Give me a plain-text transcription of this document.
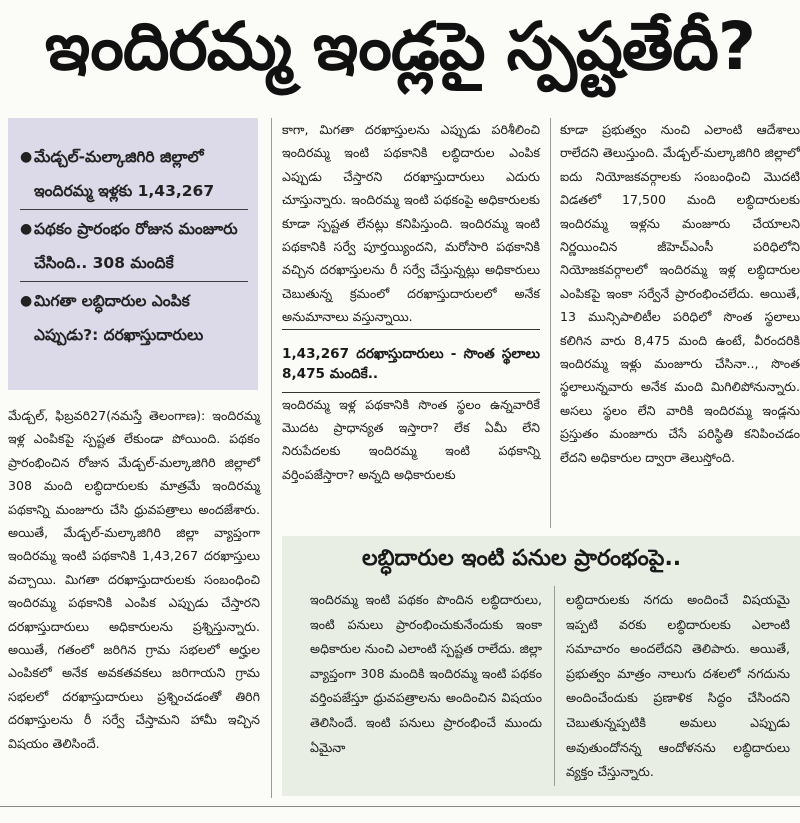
ఇందిరమ్మ ఇండ్లపై స్పష్టతేదీ?
● మేడ్చల్‌-మల్కాజిగిరి జిల్లాలో ఇందిరమ్మ ఇళ్లకు 1,43,267
● పథకం ప్రారంభం రోజున మంజూరు చేసింది.. 308 మందికే
● మిగతా లబ్ధిదారుల ఎంపిక ఎప్పుడు?: దరఖాస్తుదారులు

మేడ్చల్‌, ఫిబ్రవరి27(నమస్తే తెలంగాణ): ఇందిరమ్మ ఇళ్ల ఎంపికపై స్పష్టత లేకుండా పోయింది. పథకం ప్రారంభించిన రోజున మేడ్చల్‌-మల్కాజిగిరి జిల్లాలో 308 మంది లబ్ధిదారులకు మాత్రమే ఇందిరమ్మ పథకాన్ని మంజూరు చేసి ధ్రువపత్రాలు అందజేశారు. అయితే, మేడ్చల్‌-మల్కాజిగిరి జిల్లా వ్యాప్తంగా ఇందిరమ్మ ఇంటి పథకానికి 1,43,267 దరఖాస్తులు వచ్చాయి. మిగతా దరఖాస్తుదారులకు సంబంధించి ఇందిరమ్మ పథకానికి ఎంపిక ఎప్పుడు చేస్తారని దరఖాస్తుదారులు అధికారులను ప్రశ్నిస్తున్నారు. అయితే, గతంలో జరిగిన గ్రామ సభలలో అర్హుల ఎంపికలో అనేక అవకతవకలు జరిగాయని గ్రామ సభలలో దరఖాస్తుదారులు ప్రశ్నించడంతో తిరిగి దరఖాస్తులను రీ సర్వే చేస్తామని హామీ ఇచ్చిన విషయం తెలిసిందే.

కాగా, మిగతా దరఖాస్తులను ఎప్పుడు పరిశీలించి ఇందిరమ్మ ఇంటి పథకానికి లబ్ధిదారుల ఎంపిక ఎప్పుడు చేస్తారని దరఖాస్తుదారులు ఎదురు చూస్తున్నారు. ఇందిరమ్మ ఇంటి పథకంపై అధికారులకు కూడా స్పష్టత లేనట్లు కనిపిస్తుంది. ఇందిరమ్మ ఇంటి పథకానికి సర్వే పూర్తయ్యిందని, మరోసారి పథకానికి వచ్చిన దరఖాస్తులను రీ సర్వే చేస్తున్నట్లు అధికారులు చెబుతున్న క్రమంలో దరఖాస్తుదారులలో అనేక అనుమానాలు వస్తున్నాయి.

1,43,267 దరఖాస్తుదారులు - సొంత స్థలాలు 8,475 మందికే..

ఇందిరమ్మ ఇళ్ల పథకానికి సొంత స్థలం ఉన్నవారికే మొదట ప్రాధాన్యత ఇస్తారా? లేక ఏమీ లేని నిరుపేదలకు ఇందిరమ్మ ఇంటి పథకాన్ని వర్తింపజేస్తారా? అన్నది అధికారులకు

కూడా ప్రభుత్వం నుంచి ఎలాంటి ఆదేశాలు రాలేదని తెలుస్తుంది. మేడ్చల్‌-మల్కాజిగిరి జిల్లాలో ఐదు నియోజకవర్గాలకు సంబంధించి మొదటి విడతలో 17,500 మంది లబ్ధిదారులకు ఇందిరమ్మ ఇళ్లను మంజూరు చేయాలని నిర్ణయించిన జీహెచ్‌ఎంసీ పరిధిలోని నియోజకవర్గాలలో ఇందిరమ్మ ఇళ్ల లబ్ధిదారుల ఎంపికపై ఇంకా సర్వేనే ప్రారంభించలేదు. అయితే, 13 మున్సిపాలిటీల పరిధిలో సొంత స్థలాలు కలిగిన వారు 8,475 మంది ఉంటే, వీరందరికి ఇందిరమ్మ ఇళ్లు మంజూరు చేసినా.., సొంత స్థలాలున్నవారు అనేక మంది మిగిలిపోనున్నారు. అసలు స్థలం లేని వారికి ఇందిరమ్మ ఇండ్లను ప్రస్తుతం మంజూరు చేసే పరిస్థితి కనిపించడం లేదని అధికారుల ద్వారా తెలుస్తోంది.

లబ్ధిదారుల ఇంటి పనుల ప్రారంభంపై..

ఇందిరమ్మ ఇంటి పథకం పొందిన లబ్ధిదారులు, ఇంటి పనులు ప్రారంభించుకునేందుకు ఇంకా అధికారుల నుంచి ఎలాంటి స్పష్టత రాలేదు. జిల్లా వ్యాప్తంగా 308 మందికి ఇందిరమ్మ ఇంటి పథకం వర్తింపజేస్తూ ధ్రువపత్రాలను అందించిన విషయం తెలిసిందే. ఇంటి పనులు ప్రారంభించే ముందు ఏమైనా

లబ్ధిదారులకు నగదు అందించే విషయమై ఇప్పటి వరకు లబ్ధిదారులకు ఎలాంటి సమాచారం అందలేదని తెలిపారు. అయితే, ప్రభుత్వం మాత్రం నాలుగు దశలలో నగదును అందించేందుకు ప్రణాళిక సిద్ధం చేసిందని చెబుతున్నప్పటికి అమలు ఎప్పుడు అవుతుందోనన్న ఆందోళనను లబ్ధిదారులు వ్యక్తం చేస్తున్నారు.
